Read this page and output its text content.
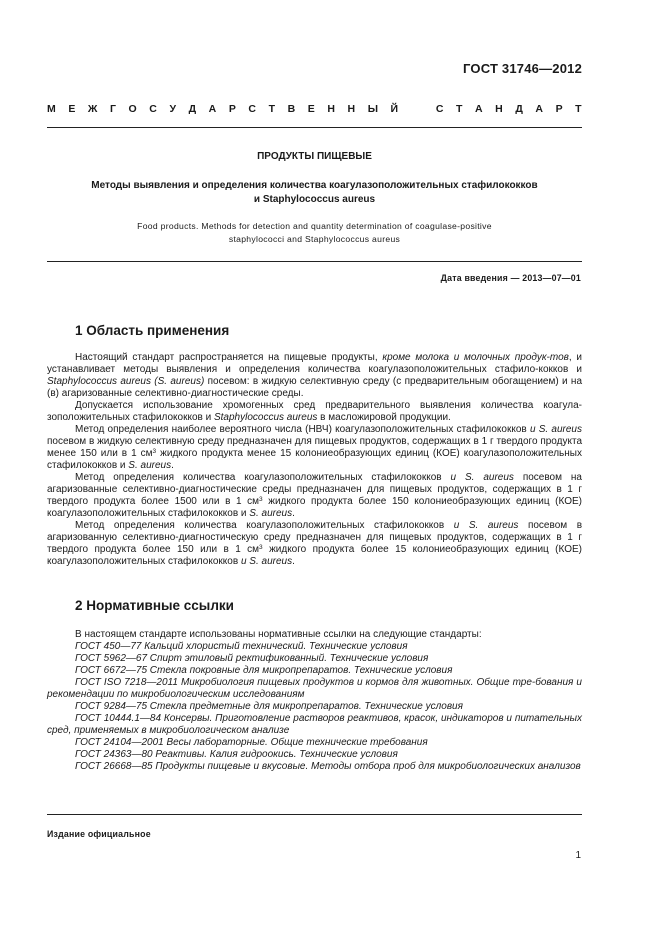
ГОСТ 31746—2012
М Е Ж Г О С У Д А Р С Т В Е Н Н Ы Й	С Т А Н Д А Р Т
ПРОДУКТЫ ПИЩЕВЫЕ
Методы выявления и определения количества коагулазоположительных стафилококков
и Staphylococcus aureus
Food products. Methods for detection and quantity determination of coagulase-positive
staphylococci and Staphylococcus aureus
Дата введения — 2013—07—01
1 Область применения

Настоящий стандарт распространяется на пищевые продукты, кроме молока и молочных продук-тов, и устанавливает методы выявления и определения количества коагулазоположительных стафило-кокков и Staphylococcus aureus (S. aureus) посевом: в жидкую селективную среду (с предварительным обогащением) и на (в) агаризованные селективно-диагностические среды.

Допускается использование хромогенных сред предварительного выявления количества коагула-зоположительных стафилококков и Staphylococcus aureus в масложировой продукции.

Метод определения наиболее вероятного числа (НВЧ) коагулазоположительных стафилококков и S. aureus посевом в жидкую селективную среду предназначен для пищевых продуктов, содержащих в 1 г твердого продукта менее 150 или в 1 $см^3$ жидкого продукта менее 15 колониеобразующих единиц (КОЕ) коагулазоположительных стафилококков и S. aureus.

Метод определения количества коагулазоположительных стафилококков и S. aureus посевом на агаризованные селективно-диагностические среды предназначен для пищевых продуктов, содержащих в 1 г твердого продукта более 1500 или в 1 $см^3$ жидкого продукта более 150 колониеобразующих единиц (КОЕ) коагулазоположительных стафилококков и S. aureus.

Метод определения количества коагулазоположительных стафилококков и S. aureus посевом в агаризованную селективно-диагностическую среду предназначен для пищевых продуктов, содержащих в 1 г твердого продукта более 150 или в 1 $см^3$ жидкого продукта более 15 колониеобразующих единиц (КОЕ) коагулазоположительных стафилококков и S. aureus.

2 Нормативные ссылки

В настоящем стандарте использованы нормативные ссылки на следующие стандарты:

ГОСТ 450—77 Кальций хлористый технический. Технические условия

ГОСТ 5962—67 Спирт этиловый ректификованный. Технические условия

ГОСТ 6672—75 Стекла покровные для микропрепаратов. Технические условия

ГОСТ ISO 7218—2011 Микробиология пищевых продуктов и кормов для животных. Общие тре-бования и рекомендации по микробиологическим исследованиям

ГОСТ 9284—75 Стекла предметные для микропрепаратов. Технические условия

ГОСТ 10444.1—84 Консервы. Приготовление растворов реактивов, красок, индикаторов и питательных сред, применяемых в микробиологическом анализе

ГОСТ 24104—2001 Весы лабораторные. Общие технические требования

ГОСТ 24363—80 Реактивы. Калия гидроокись. Технические условия

ГОСТ 26668—85 Продукты пищевые и вкусовые. Методы отбора проб для микробиологических анализов

Издание официальное
1
